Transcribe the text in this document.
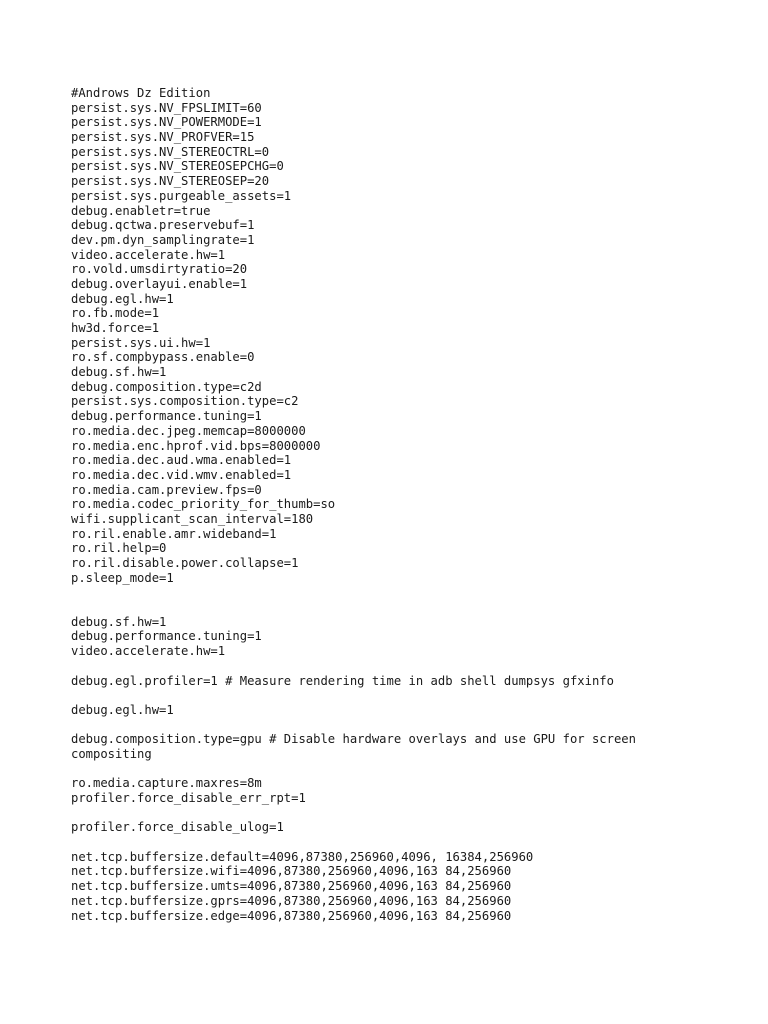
#Androws Dz Edition
persist.sys.NV_FPSLIMIT=60
persist.sys.NV_POWERMODE=1
persist.sys.NV_PROFVER=15
persist.sys.NV_STEREOCTRL=0
persist.sys.NV_STEREOSEPCHG=0
persist.sys.NV_STEREOSEP=20
persist.sys.purgeable_assets=1
debug.enabletr=true
debug.qctwa.preservebuf=1
dev.pm.dyn_samplingrate=1
video.accelerate.hw=1
ro.vold.umsdirtyratio=20
debug.overlayui.enable=1
debug.egl.hw=1
ro.fb.mode=1
hw3d.force=1
persist.sys.ui.hw=1
ro.sf.compbypass.enable=0
debug.sf.hw=1
debug.composition.type=c2d
persist.sys.composition.type=c2
debug.performance.tuning=1
ro.media.dec.jpeg.memcap=8000000
ro.media.enc.hprof.vid.bps=8000000
ro.media.dec.aud.wma.enabled=1
ro.media.dec.vid.wmv.enabled=1
ro.media.cam.preview.fps=0
ro.media.codec_priority_for_thumb=so
wifi.supplicant_scan_interval=180
ro.ril.enable.amr.wideband=1
ro.ril.help=0
ro.ril.disable.power.collapse=1
p.sleep_mode=1
debug.sf.hw=1
debug.performance.tuning=1
video.accelerate.hw=1
debug.egl.profiler=1 # Measure rendering time in adb shell dumpsys gfxinfo
debug.egl.hw=1
debug.composition.type=gpu # Disable hardware overlays and use GPU for screen
compositing
ro.media.capture.maxres=8m
profiler.force_disable_err_rpt=1
profiler.force_disable_ulog=1
net.tcp.buffersize.default=4096,87380,256960,4096, 16384,256960
net.tcp.buffersize.wifi=4096,87380,256960,4096,163 84,256960
net.tcp.buffersize.umts=4096,87380,256960,4096,163 84,256960
net.tcp.buffersize.gprs=4096,87380,256960,4096,163 84,256960
net.tcp.buffersize.edge=4096,87380,256960,4096,163 84,256960
